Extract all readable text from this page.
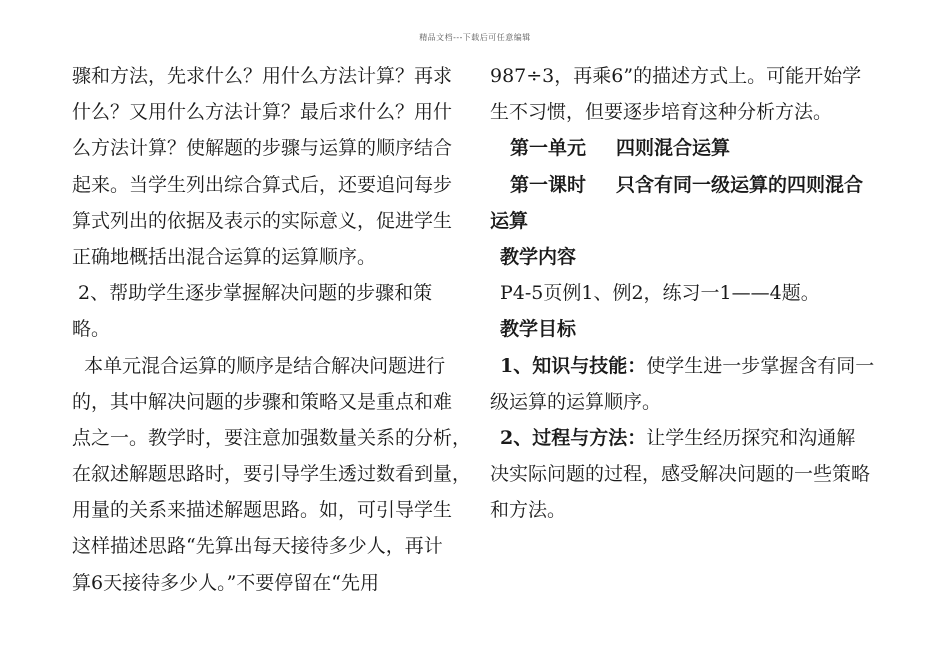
精品文档---下载后可任意编辑
骤和方法，先求什么？用什么方法计算？再求
什么？又用什么方法计算？最后求什么？用什
么方法计算？使解题的步骤与运算的顺序结合
起来。当学生列出综合算式后，还要追问每步
算式列出的依据及表示的实际意义，促进学生
正确地概括出混合运算的运算顺序。
2、帮助学生逐步掌握解决问题的步骤和策
略。
本单元混合运算的顺序是结合解决问题进行
的，其中解决问题的步骤和策略又是重点和难
点之一。教学时，要注意加强数量关系的分析，
在叙述解题思路时，要引导学生透过数看到量，
用量的关系来描述解题思路。如，可引导学生
这样描述思路“先算出每天接待多少人，再计
算6天接待多少人。”不要停留在“先用
987÷3，再乘6”的描述方式上。可能开始学
生不习惯，但要逐步培育这种分析方法。
第一单元 四则混合运算
第一课时 只含有同一级运算的四则混合
运算
教学内容
P4-5页例1、例2，练习一1——4题。
教学目标
1、知识与技能：使学生进一步掌握含有同一
级运算的运算顺序。
2、过程与方法：让学生经历探究和沟通解
决实际问题的过程，感受解决问题的一些策略
和方法。
